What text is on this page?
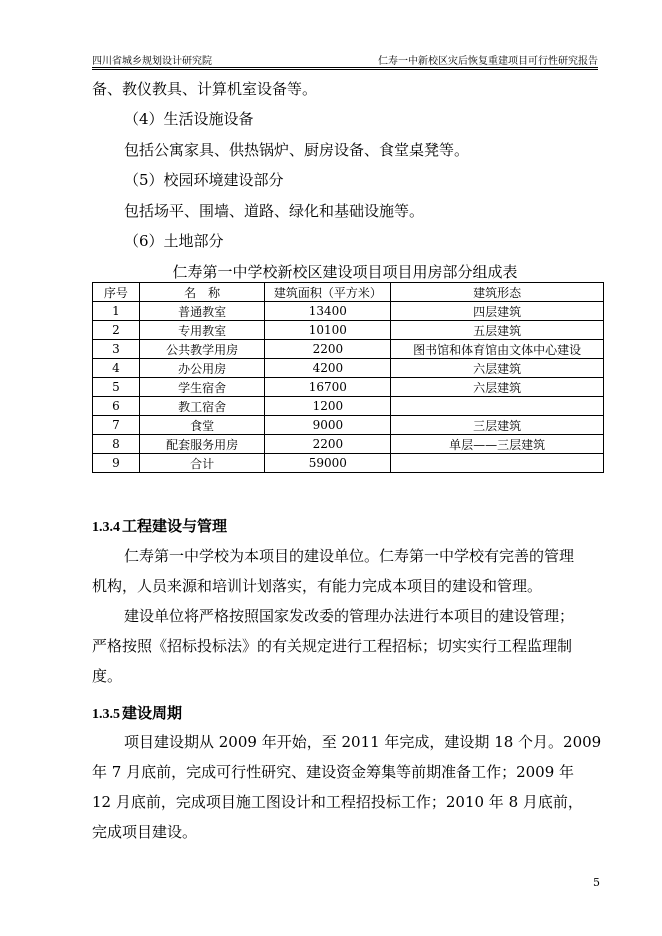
四川省城乡规划设计研究院	仁寿一中新校区灾后恢复重建项目可行性研究报告
备、教仪教具、计算机室设备等。
（4）生活设施设备
包括公寓家具、供热锅炉、厨房设备、食堂桌凳等。
（5）校园环境建设部分
包括场平、围墙、道路、绿化和基础设施等。
（6）土地部分
仁寿第一中学校新校区建设项目项目用房部分组成表
序号	名　称	建筑面积（平方米）	建筑形态
1	普通教室	13400	四层建筑
2	专用教室	10100	五层建筑
3	公共教学用房	2200	图书馆和体育馆由文体中心建设
4	办公用房	4200	六层建筑
5	学生宿舍	16700	六层建筑
6	教工宿舍	1200	
7	食堂	9000	三层建筑
8	配套服务用房	2200	单层——三层建筑
9	合计	59000	
1.3.4 工程建设与管理
仁寿第一中学校为本项目的建设单位。仁寿第一中学校有完善的管理
机构，人员来源和培训计划落实，有能力完成本项目的建设和管理。
建设单位将严格按照国家发改委的管理办法进行本项目的建设管理；
严格按照《招标投标法》的有关规定进行工程招标；切实实行工程监理制
度。
1.3.5 建设周期
项目建设期从 2009 年开始，至 2011 年完成，建设期 18 个月。2009
年 7 月底前，完成可行性研究、建设资金筹集等前期准备工作；2009 年
12 月底前，完成项目施工图设计和工程招投标工作；2010 年 8 月底前，
完成项目建设。
5
